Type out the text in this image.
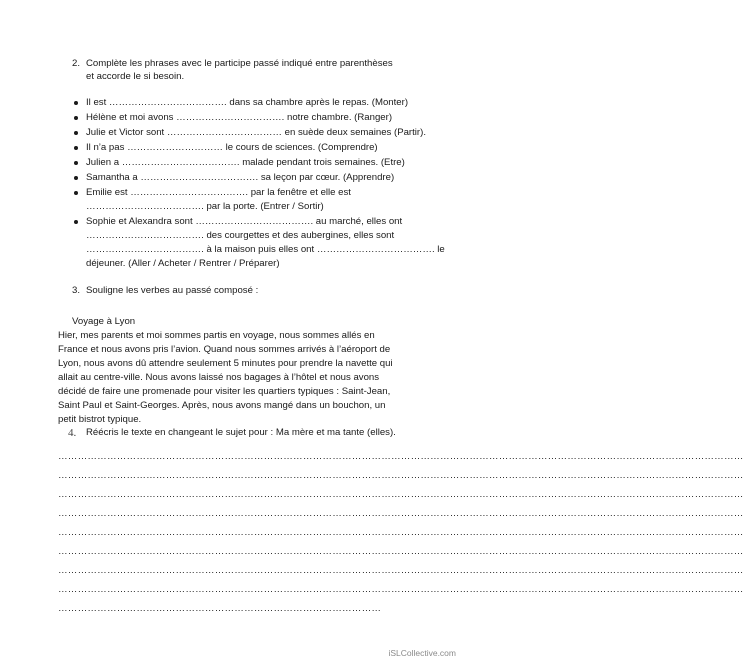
2. Complète les phrases avec le participe passé indiqué entre parenthèses
et accorde le si besoin.
Il est ………………………………. dans sa chambre après le repas. (Monter)
Hélène et moi avons ……………………………. notre chambre. (Ranger)
Julie et Victor sont ……………………………… en suède deux semaines (Partir).
Il n’a pas ………………………… le cours de sciences. (Comprendre)
Julien a ………………………………. malade pendant trois semaines. (Etre)
Samantha a ………………………………. sa leçon par cœur. (Apprendre)
Emilie est ………………………………. par la fenêtre et elle est
………………………………. par la porte. (Entrer / Sortir)
Sophie et Alexandra sont ………………………………. au marché, elles ont
………………………………. des courgettes et des aubergines, elles sont
………………………………. à la maison puis elles ont ………………………………. le
déjeuner. (Aller / Acheter / Rentrer / Préparer)
3. Souligne les verbes au passé composé :
Voyage à Lyon
Hier, mes parents et moi sommes partis en voyage, nous sommes allés en
France et nous avons pris l’avion. Quand nous sommes arrivés à l’aéroport de
Lyon, nous avons dû attendre seulement 5 minutes pour prendre la navette qui
allait au centre-ville. Nous avons laissé nos bagages à l’hôtel et nous avons
décidé de faire une promenade pour visiter les quartiers typiques : Saint-Jean,
Saint Paul et Saint-Georges. Après, nous avons mangé dans un bouchon, un
petit bistrot typique.
4. Réécris le texte en changeant le sujet pour : Ma mère et ma tante (elles).
…………………………………………………………………………………………………………………………………………………………………………………………
…………………………………………………………………………………………………………………………………………………………………………………………
…………………………………………………………………………………………………………………………………………………………………………………………
…………………………………………………………………………………………………………………………………………………………………………………………
…………………………………………………………………………………………………………………………………………………………………………………………
…………………………………………………………………………………………………………………………………………………………………………………………
…………………………………………………………………………………………………………………………………………………………………………………………
…………………………………………………………………………………………………………………………………………………………………………………………
………………………………………………………………………………………
iSLCollective.com
